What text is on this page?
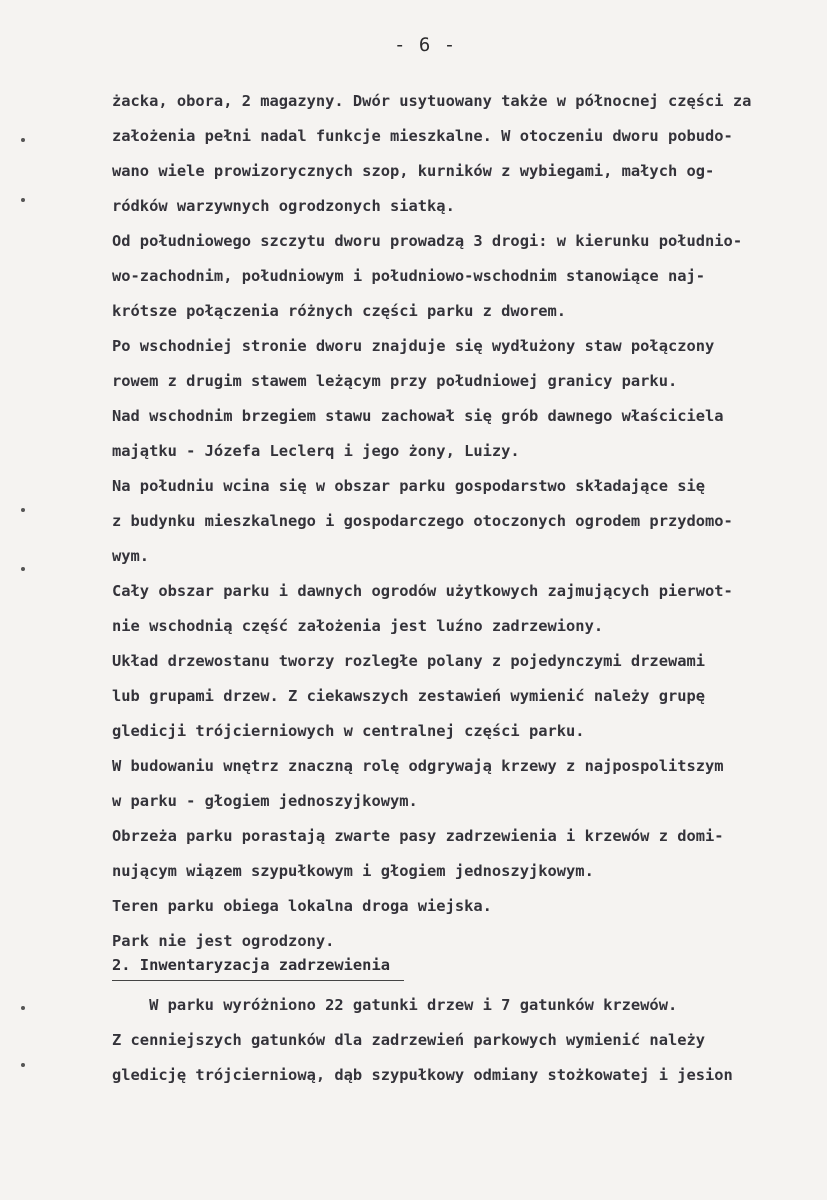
- 6 -
żacka, obora, 2 magazyny. Dwór usytuowany także w północnej części za
założenia pełni nadal funkcje mieszkalne. W otoczeniu dworu pobudo-
wano wiele prowizorycznych szop, kurników z wybiegami, małych og-
ródków warzywnych ogrodzonych siatką.
Od południowego szczytu dworu prowadzą 3 drogi: w kierunku południo-
wo-zachodnim, południowym i południowo-wschodnim stanowiące naj-
krótsze połączenia różnych części parku z dworem.
Po wschodniej stronie dworu znajduje się wydłużony staw połączony
rowem z drugim stawem leżącym przy południowej granicy parku.
Nad wschodnim brzegiem stawu zachował się grób dawnego właściciela
majątku - Józefa Leclerq i jego żony, Luizy.
Na południu wcina się w obszar parku gospodarstwo składające się
z budynku mieszkalnego i gospodarczego otoczonych ogrodem przydomo-
wym.
Cały obszar parku i dawnych ogrodów użytkowych zajmujących pierwot-
nie wschodnią część założenia jest luźno zadrzewiony.
Układ drzewostanu tworzy rozległe polany z pojedynczymi drzewami
lub grupami drzew. Z ciekawszych zestawień wymienić należy grupę
gledicji trójcierniowych w centralnej części parku.
W budowaniu wnętrz znaczną rolę odgrywają krzewy z najpospolitszym
w parku - głogiem jednoszyjkowym.
Obrzeża parku porastają zwarte pasy zadrzewienia i krzewów z domi-
nującym wiązem szypułkowym i głogiem jednoszyjkowym.
Teren parku obiega lokalna droga wiejska.
Park nie jest ogrodzony.
2. Inwentaryzacja zadrzewienia
W parku wyróżniono 22 gatunki drzew i 7 gatunków krzewów.
Z cenniejszych gatunków dla zadrzewień parkowych wymienić należy
gledicję trójcierniową, dąb szypułkowy odmiany stożkowatej i jesion
